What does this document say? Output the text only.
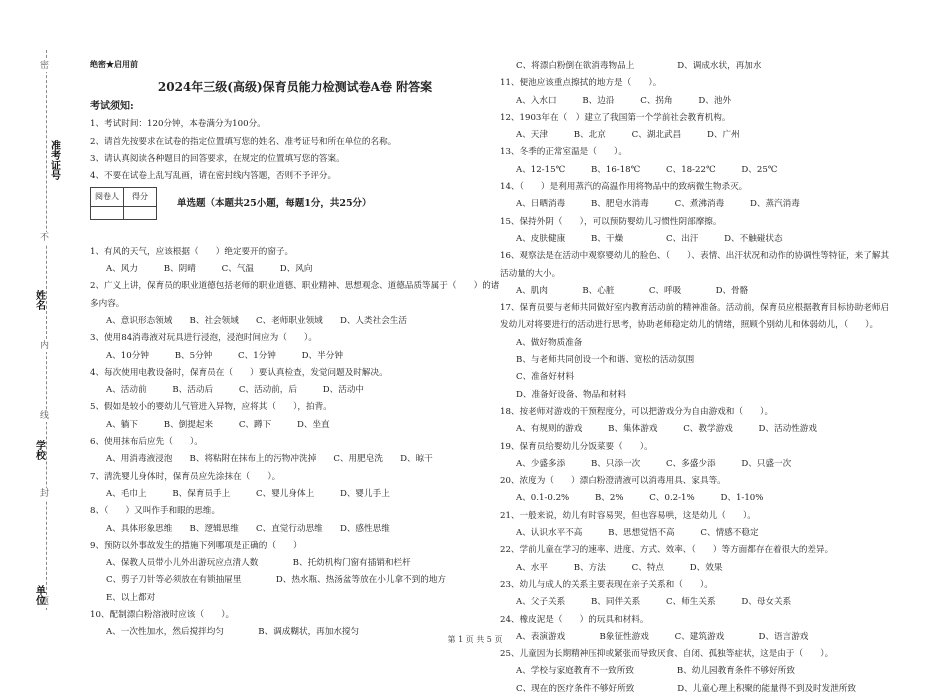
密
不
内
线
封
题
准考证号
姓名
学校
单位
绝密★启用前
2024年三级(高级)保育员能力检测试卷A卷 附答案
考试须知:
1、考试时间：120分钟，本卷满分为100分。
2、请首先按要求在试卷的指定位置填写您的姓名、准考证号和所在单位的名称。
3、请认真阅读各种题目的回答要求，在规定的位置填写您的答案。
4、不要在试卷上乱写乱画，请在密封线内答题，否则不予评分。
阅卷人	得分

单选题（本题共25小题，每题1分，共25分）
1、有风的天气，应该根据（　　）绝定要开的窗子。
A、风力　　　B、阴晴　　　C、气温　　　D、风向
2、广义上讲，保育员的职业道德包括老师的职业道德、职业精神、思想观念、道德品质等属于（　　）的诸多内容。
A、意识形态领域　　B、社会领域　　C、老师职业领域　　D、人类社会生活
3、使用84消毒液对玩具进行浸泡，浸泡时间应为（　　）。
A、10分钟　　　B、5分钟　　　C、1分钟　　　D、半分钟
4、每次使用电教设备时，保育员在（　　）要认真检查，发觉问题及时解决。
A、活动前　　　B、活动后　　　C、活动前，后　　　D、活动中
5、假如是较小的婴幼儿气管进入异物，应将其（　　），拍背。
A、躺下　　　B、倒提起来　　　C、蹲下　　　D、坐直
6、使用抹布后应先（　　）。
A、用消毒液浸泡　　B、将粘附在抹布上的污物冲洗掉　　C、用肥皂洗　　D、晾干
7、清洗婴儿身体时，保育员应先涂抹在（　　）。
A、毛巾上　　　B、保育员手上　　　C、婴儿身体上　　　D、婴儿手上
8、（　　）又叫作手和眼的思维。
A、具体形象思维　　B、逻辑思维　　C、直觉行动思维　　D、感性思维
9、预防以外事故发生的措施下列哪项是正确的（　　）
A、保教人员带小儿外出游玩应点清人数　　　　B、托幼机构门窗有插销和栏杆
C、剪子刀针等必须放在有锁抽屉里　　　　D、热水瓶、热汤盆等放在小儿拿不到的地方
E、以上都对
10、配制漂白粉溶液时应该（　　）。
A、一次性加水，然后搅拌均匀　　　　B、调成糊状，再加水搅匀
C、将漂白粉倒在欲消毒物品上　　　　　D、调成水状，再加水
11、便池应该重点擦拭的地方是（　　）。
A、入水口　　　B、边沿　　　C、拐角　　　D、池外
12、1903年在（　）建立了我国第一个学前社会教育机构。
A、天津　　　B、北京　　　C、湖北武昌　　　D、广州
13、冬季的正常室温是（　　）。
A、12-15℃　　　B、16-18℃　　　C、18-22℃　　　D、25℃
14、（　　）是利用蒸汽的高温作用将物品中的致病微生物杀灭。
A、日晒消毒　　　B、肥皂水消毒　　　C、煮沸消毒　　　D、蒸汽消毒
15、保持外阴（　　），可以预防婴幼儿习惯性阴部摩擦。
A、皮肤健康　　　B、干燥　　　　　C、出汗　　　D、不触碰状态
16、观察法是在活动中观察婴幼儿的脸色、（　　）、表情、出汗状况和动作的协调性等特征，来了解其活动量的大小。
A、肌肉　　　　B、心脏　　　　C、呼吸　　　　D、骨骼
17、保育员要与老师共同做好室内教育活动前的精神准备。活动前，保育员应根据教育目标协助老师启发幼儿对将要进行的活动进行思考，协助老师稳定幼儿的情绪，照顾个别幼儿和体弱幼儿，（　　）。
A、做好物质准备
B、与老师共同创设一个和谐、宽松的活动氛围
C、准备好材料
D、准备好设备、物品和材料
18、按老师对游戏的干预程度分，可以把游戏分为自由游戏和（　　）。
A、有规则的游戏　　　B、集体游戏　　　C、教学游戏　　　D、活动性游戏
19、保育员给婴幼儿分饭菜要（　　）。
A、少盛多添　　　B、只添一次　　　C、多盛少添　　　D、只盛一次
20、浓度为（　　）漂白粉澄清液可以消毒用具、家具等。
A、0.1-0.2%　　　B、2%　　　C、0.2-1%　　　D、1-10%
21、一般来说，幼儿有时容易哭，但也容易哄，这是幼儿（　　）。
A、认识水平不高　　　B、思想觉悟不高　　　C、情感不稳定
22、学前儿童在学习的速率、进度、方式、效率、（　　）等方面都存在着很大的差异。
A、水平　　　B、方法　　　C、特点　　　D、效果
23、幼儿与成人的关系主要表现在亲子关系和（　　）。
A、父子关系　　　B、同伴关系　　　C、师生关系　　　D、母女关系
24、橡皮泥是（　　）的玩具和材料。
A、表演游戏　　　　B象征性游戏　　　C、建筑游戏　　　　D、语言游戏
25、儿童因为长期精神压抑或紧张而导致厌食、自闭、孤独等症状，这是由于（　　）。
A、学校与家庭教育不一致所致　　　　　B、幼儿园教育条件不够好所致
C、现在的医疗条件不够好所致　　　　　D、儿童心理上积聚的能量得不到及时发泄所致
第 1 页 共 5 页
